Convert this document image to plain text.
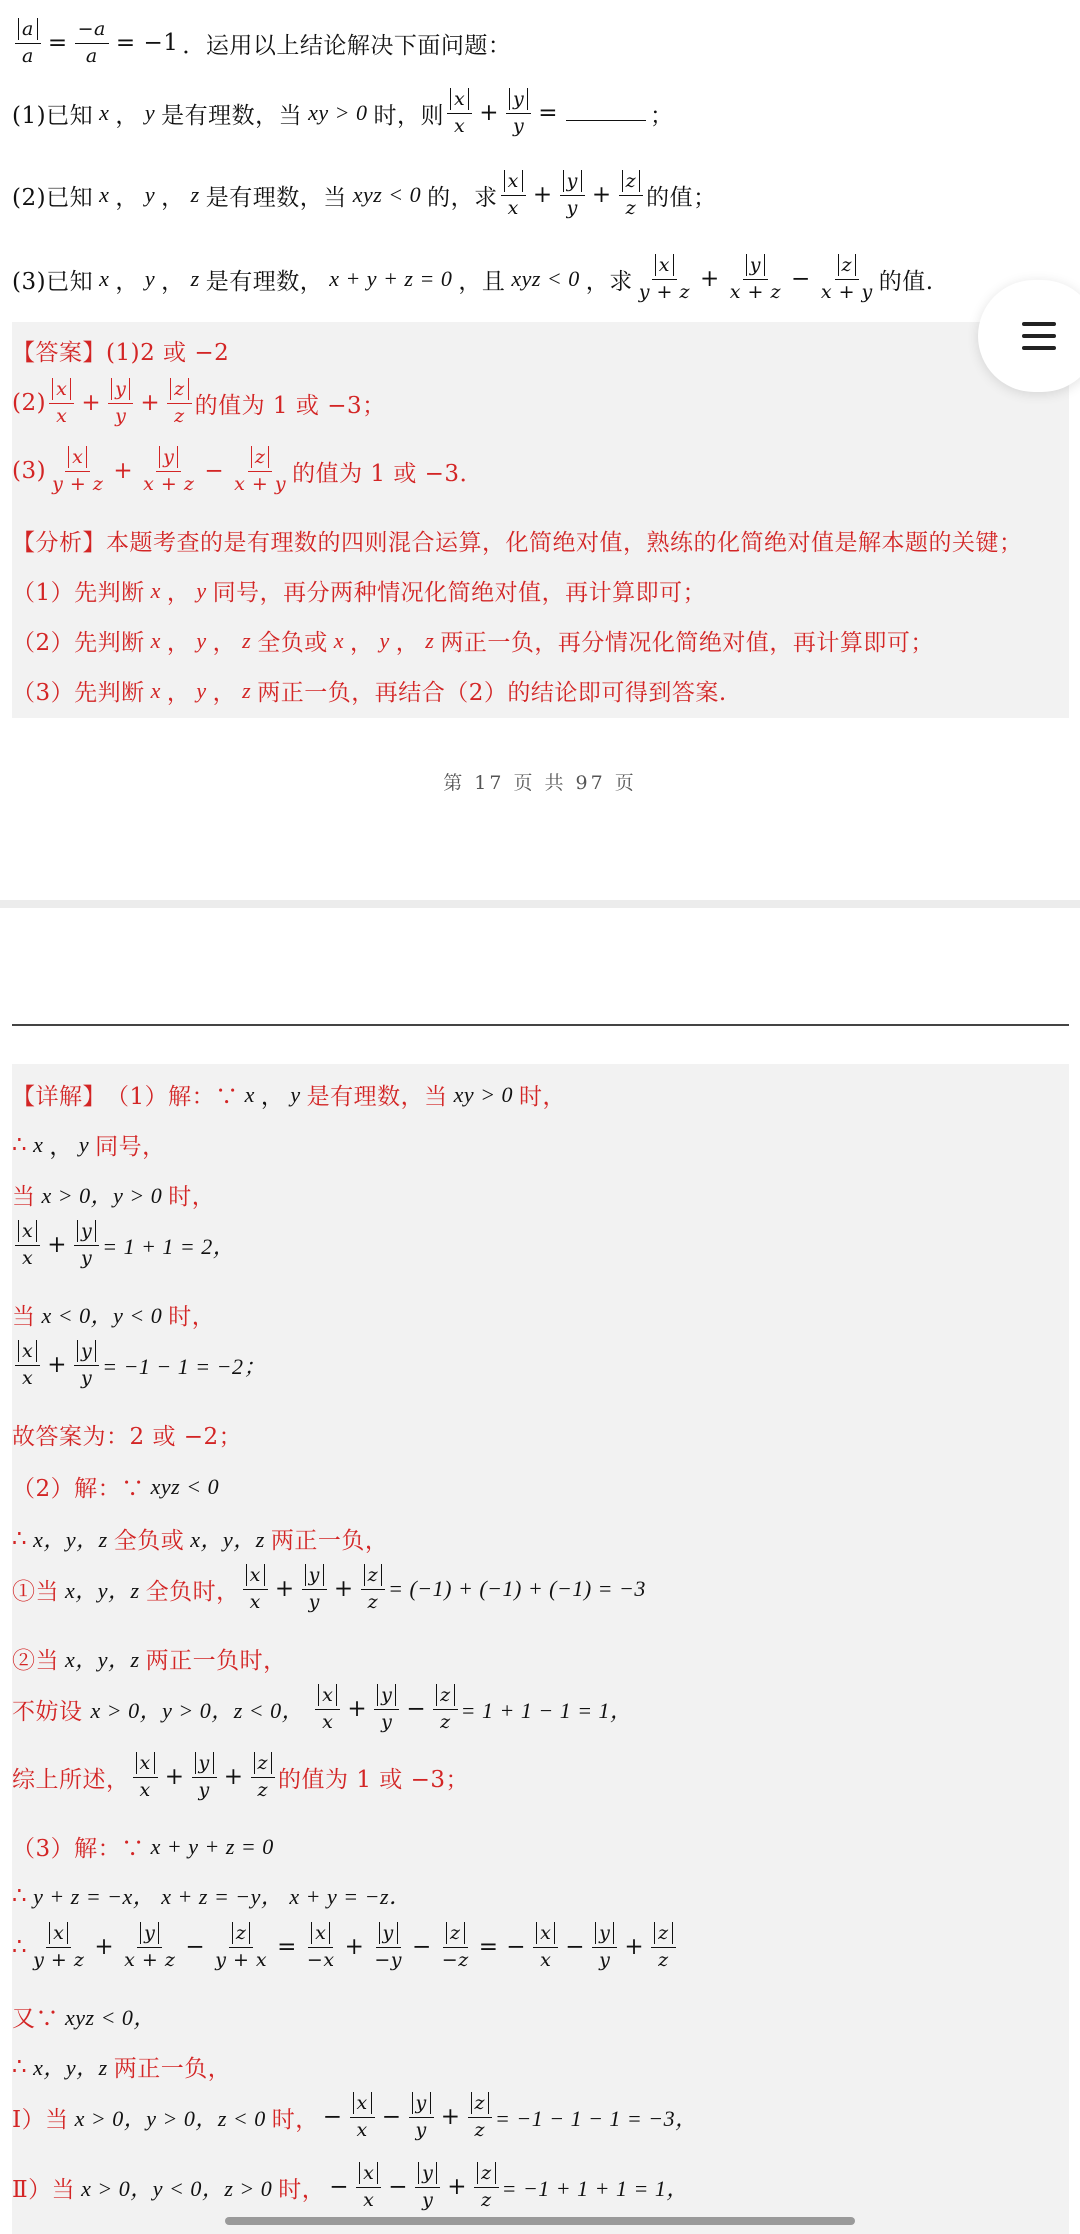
$\frac{a}{a} = \frac{-a}{a} = -1$ ．运用以上结论解决下面问题：
(1)已知 x ， y 是有理数，当 xy > 0 时，则 $\frac{x}{x} + \frac{y}{y}$ =	；
(2)已知 x ， y ， z 是有理数，当 xyz < 0 的，求 $\frac{x}{x} + \frac{y}{y} + \frac{z}{z}$ 的值；
(3)已知 x ， y ， z 是有理数， x + y + z = 0 ，且 xyz < 0 ，求 $\frac{x}{y + z} + \frac{y}{x + z} - \frac{z}{x + y}$ 的值.
【答案】 (1)2 或 −2
$(2) \frac{x}{x} + \frac{y}{y} + \frac{z}{z}$ 的值为 1 或 −3；
$(3) \frac{x}{y + z} + \frac{y}{x + z} - \frac{z}{x + y}$ 的值为 1 或 −3．
【分析】 本题考查的是有理数的四则混合运算，化简绝对值，熟练的化简绝对值是解本题的关键；
（1）先判断 x ， y 同号，再分两种情况化简绝对值，再计算即可；
（2）先判断 x ， y ， z 全负或 x ， y ， z 两正一负，再分情况化简绝对值，再计算即可；
（3）先判断 x ， y ， z 两正一负，再结合（2）的结论即可得到答案.
第 17 页 共 97 页
【详解】 （1）解：∵ x ， y 是有理数，当 xy > 0 时，
∴ x ， y 同号，
当 x > 0，y > 0 时，
$\frac{x}{x} + \frac{y}{y} = 1 + 1 = 2$，
当 x < 0，y < 0 时，
$\frac{x}{x} + \frac{y}{y} = -1 - 1 = -2$；
故答案为：2 或 −2；
（2）解：∵ xyz < 0
∴ x，y，z 全负或 x，y，z 两正一负，
①当 x，y，z 全负时， $\frac{x}{x} + \frac{y}{y} + \frac{z}{z} = (-1) + (-1) + (-1) = -3$
②当 x，y，z 两正一负时，
不妨设 x > 0，y > 0，z < 0， $\frac{x}{x} + \frac{y}{y} - \frac{z}{z} = 1 + 1 - 1 = 1$，
综上所述， $\frac{x}{x} + \frac{y}{y} + \frac{z}{z}$ 的值为 1 或 −3；
（3）解：∵ x + y + z = 0
∴ y + z = −x， x + z = −y， x + y = −z．
∴ $\frac{x}{y + z} + \frac{y}{x + z} - \frac{z}{y + x} = \frac{x}{-x} + \frac{y}{-y} - \frac{z}{-z}$ = − $\frac{x}{x} - \frac{y}{y} + \frac{z}{z}$
又∵ xyz < 0，
∴ x，y，z 两正一负，
Ⅰ）当 x > 0，y > 0，z < 0 时， − $\frac{x}{x} - \frac{y}{y} + \frac{z}{z} = -1 - 1 - 1 = -3$，
Ⅱ）当 x > 0，y < 0，z > 0 时， − $\frac{x}{x} - \frac{y}{y} + \frac{z}{z} = -1 + 1 + 1 = 1$，
